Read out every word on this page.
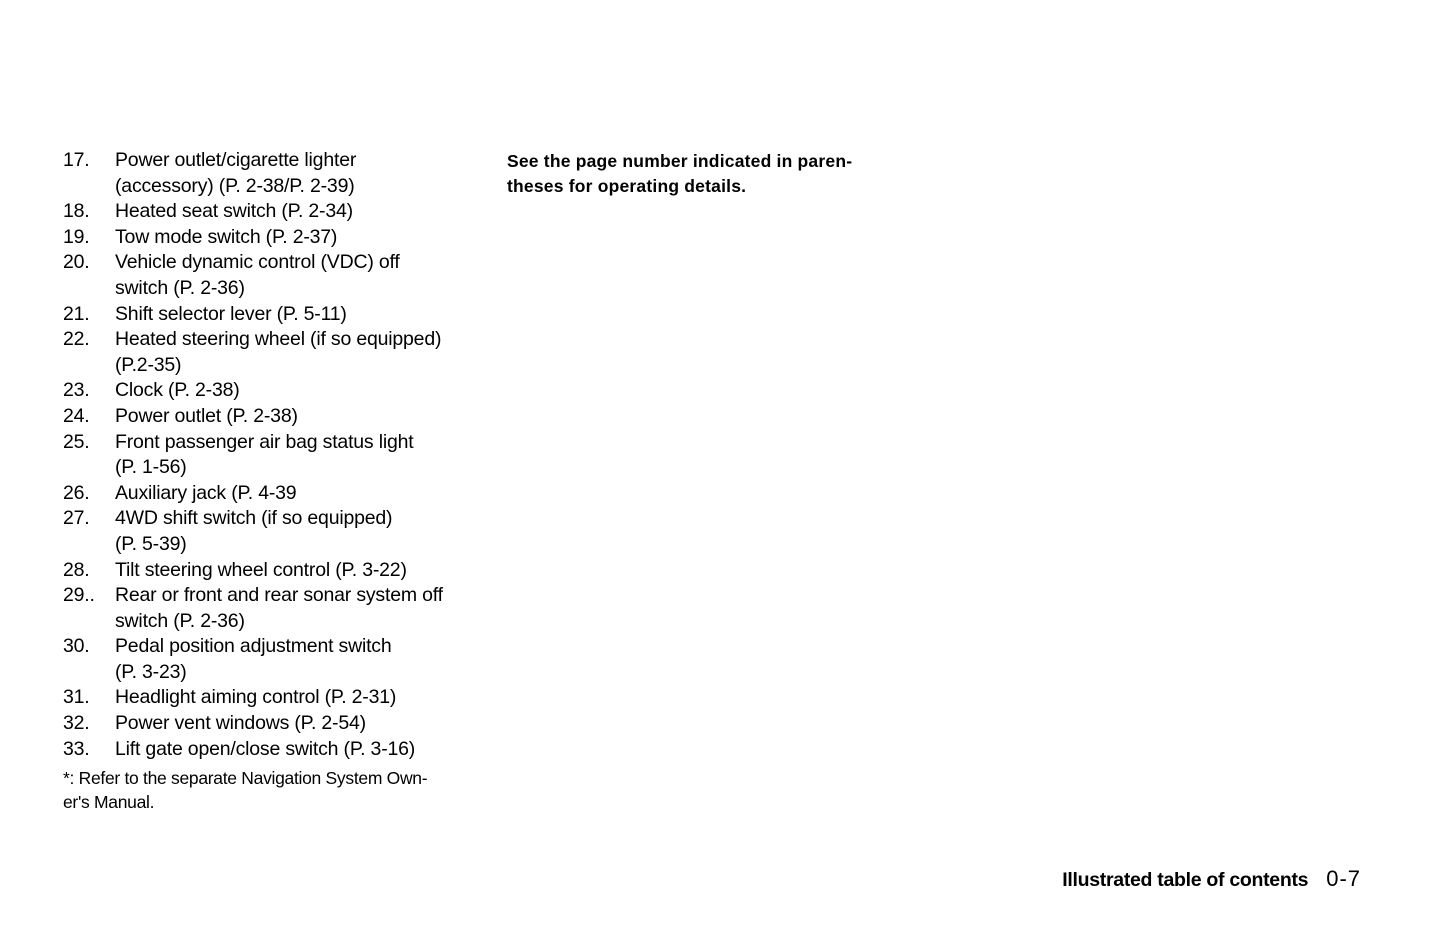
17.	Power outlet/cigarette lighter
(accessory) (P. 2-38/P. 2-39)
18.	Heated seat switch (P. 2-34)
19.	Tow mode switch (P. 2-37)
20.	Vehicle dynamic control (VDC) off
switch (P. 2-36)
21.	Shift selector lever (P. 5-11)
22.	Heated steering wheel (if so equipped)
(P.2-35)
23.	Clock (P. 2-38)
24.	Power outlet (P. 2-38)
25.	Front passenger air bag status light
(P. 1-56)
26.	Auxiliary jack (P. 4-39
27.	4WD shift switch (if so equipped)
(P. 5-39)
28.	Tilt steering wheel control (P. 3-22)
29..	Rear or front and rear sonar system off
switch (P. 2-36)
30.	Pedal position adjustment switch
(P. 3-23)
31.	Headlight aiming control (P. 2-31)
32.	Power vent windows (P. 2-54)
33.	Lift gate open/close switch (P. 3-16)
*: Refer to the separate Navigation System Own-
er's Manual.
See the page number indicated in paren-
theses for operating details.
Illustrated table of contents 0-7
